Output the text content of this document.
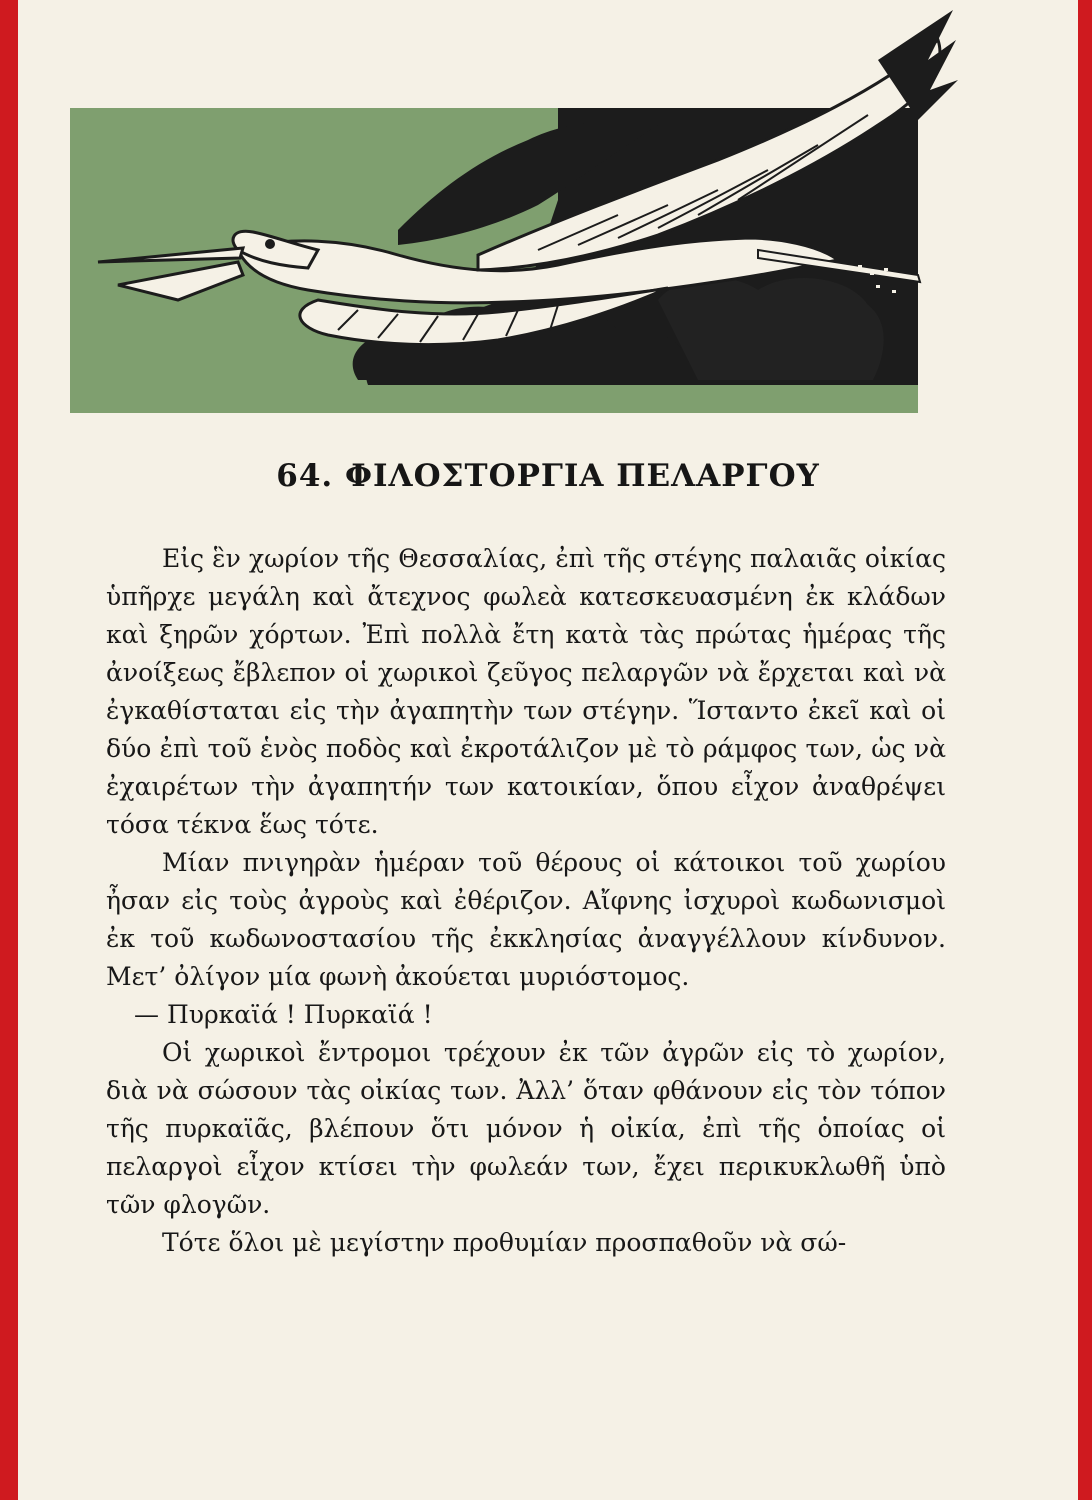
64. ΦΙΛΟΣΤΟΡΓΙΑ ΠΕΛΑΡΓΟΥ

Εἰς ἓν χωρίον τῆς Θεσσαλίας, ἐπὶ τῆς στέγης παλαιᾶς οἰκίας ὑπῆρχε μεγάλη καὶ ἄτεχνος φωλεὰ κατεσκευασμένη ἐκ κλάδων καὶ ξηρῶν χόρτων. Ἐπὶ πολλὰ ἔτη κατὰ τὰς πρώτας ἡμέρας τῆς ἀνοίξεως ἔβλεπον οἱ χωρικοὶ ζεῦγος πελαργῶν νὰ ἔρχεται καὶ νὰ ἐγκαθίσταται εἰς τὴν ἀγαπητὴν των στέγην. Ἵσταντο ἐκεῖ καὶ οἱ δύο ἐπὶ τοῦ ἑνὸς ποδὸς καὶ ἐκροτάλιζον μὲ τὸ ράμφος των, ὡς νὰ ἐχαιρέτων τὴν ἀγαπητήν των κατοικίαν, ὅπου εἶχον ἀναθρέψει τόσα τέκνα ἕως τότε.

Μίαν πνιγηρὰν ἡμέραν τοῦ θέρους οἱ κάτοικοι τοῦ χωρίου ἦσαν εἰς τοὺς ἀγροὺς καὶ ἐθέριζον. Αἴφνης ἰσχυροὶ κωδωνισμοὶ ἐκ τοῦ κωδωνοστασίου τῆς ἐκκλησίας ἀναγγέλλουν κίνδυνον. Μετ’ ὀλίγον μία φωνὴ ἀκούεται μυριόστομος.

— Πυρκαϊά ! Πυρκαϊά !

Οἱ χωρικοὶ ἔντρομοι τρέχουν ἐκ τῶν ἀγρῶν εἰς τὸ χωρίον, διὰ νὰ σώσουν τὰς οἰκίας των. Ἀλλ’ ὅταν φθάνουν εἰς τὸν τόπον τῆς πυρκαϊᾶς, βλέπουν ὅτι μόνον ἡ οἰκία, ἐπὶ τῆς ὁποίας οἱ πελαργοὶ εἶχον κτίσει τὴν φωλεάν των, ἔχει περικυκλωθῆ ὑπὸ τῶν φλογῶν.

Τότε ὅλοι μὲ μεγίστην προθυμίαν προσπαθοῦν νὰ σώ-
